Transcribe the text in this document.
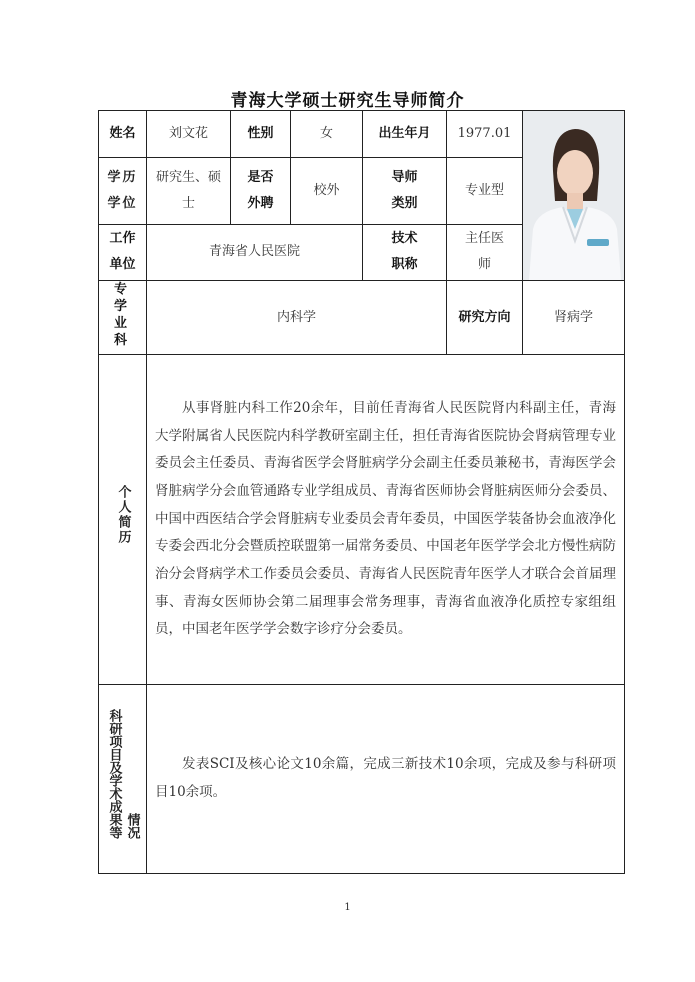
青海大学硕士研究生导师简介
姓名	刘文花	性别	女	出生年月	1977.01	

学历学位	研究生、硕士	是否外聘	校外	导师类别	专业型	
工作单位	青海省人民医院			技术职称	主任医师	
专学业科	内科学				研究方向	肾病学
个人简历	从事肾脏内科工作20余年，目前任青海省人民医院肾内科副主任，青海大学附属省人民医院内科学教研室副主任，担任青海省医院协会肾病管理专业委员会主任委员、青海省医学会肾脏病学分会副主任委员兼秘书，青海医学会肾脏病学分会血管通路专业学组成员、青海省医师协会肾脏病医师分会委员、中国中西医结合学会肾脏病专业委员会青年委员，中国医学装备协会血液净化专委会西北分会暨质控联盟第一届常务委员、中国老年医学学会北方慢性病防治分会肾病学术工作委员会委员、青海省人民医院青年医学人才联合会首届理事、青海女医师协会第二届理事会常务理事，青海省血液净化质控专家组组员，中国老年医学学会数字诊疗分会委员。					

科研项目及学术成果等 情况	发表SCI及核心论文10余篇，完成三新技术10余项，完成及参与科研项目10余项。					
1
